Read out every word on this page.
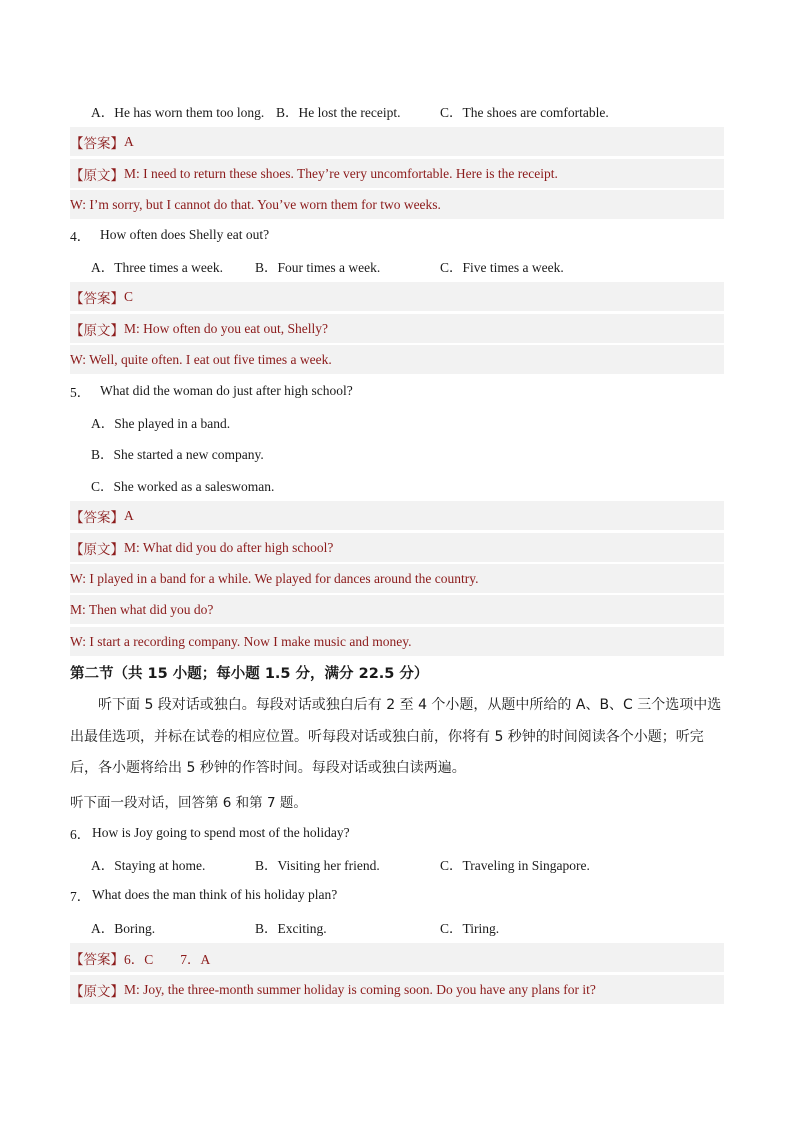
A．He has worn them too long. B．He lost the receipt.	C．The shoes are comfortable.
【答案】 A
【原文】 M: I need to return these shoes. They’re very uncomfortable. Here is the receipt.
W: I’m sorry, but I cannot do that. You’ve worn them for two weeks.
4． How often does Shelly eat out?
A．Three times a week.	B．Four times a week.	C．Five times a week.
【答案】 C
【原文】 M: How often do you eat out, Shelly?
W: Well, quite often. I eat out five times a week.
5． What did the woman do just after high school?
A．She played in a band.
B．She started a new company.
C．She worked as a saleswoman.
【答案】 A
【原文】 M: What did you do after high school?
W: I played in a band for a while. We played for dances around the country.
M: Then what did you do?
W: I start a recording company. Now I make music and money.
第二节（共 15 小题；每小题 1.5 分，满分 22.5 分）
听下面 5 段对话或独白。每段对话或独白后有 2 至 4 个小题，从题中所给的 A、B、C 三个选项中选出最佳选项，并标在试卷的相应位置。听每段对话或独白前，你将有 5 秒钟的时间阅读各个小题；听完后，各小题将给出 5 秒钟的作答时间。每段对话或独白读两遍。
听下面一段对话，回答第 6 和第 7 题。
6． How is Joy going to spend most of the holiday?
A．Staying at home.	B．Visiting her friend.	C．Traveling in Singapore.
7． What does the man think of his holiday plan?
A．Boring.	B．Exciting.	C．Tiring.
【答案】 6．C　　7．A
【原文】 M: Joy, the three-month summer holiday is coming soon. Do you have any plans for it?
